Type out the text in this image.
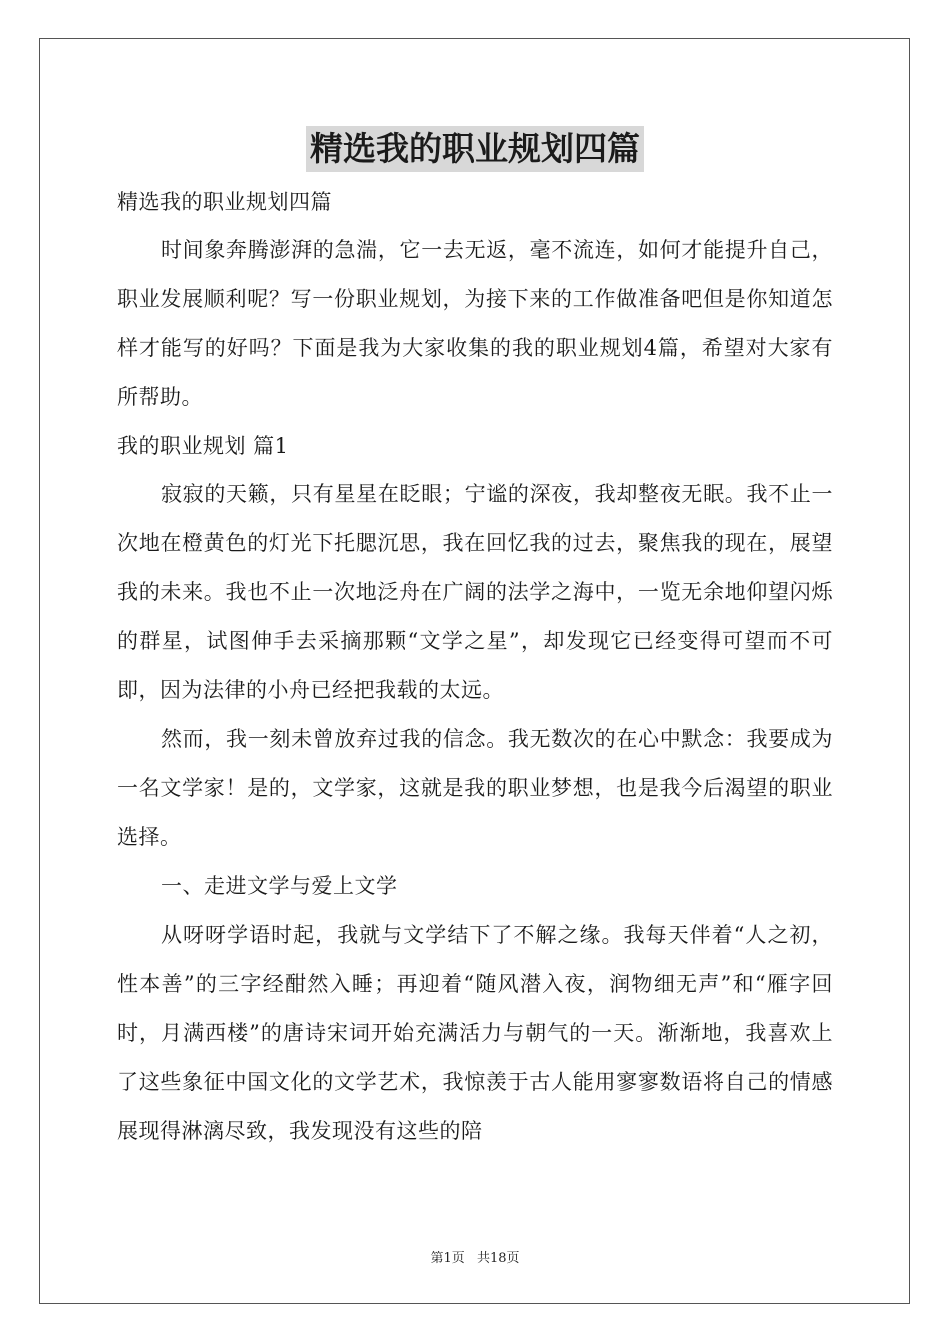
精选我的职业规划四篇

精选我的职业规划四篇

时间象奔腾澎湃的急湍，它一去无返，毫不流连，如何才能提升自己，职业发展顺利呢？写一份职业规划，为接下来的工作做准备吧但是你知道怎样才能写的好吗？下面是我为大家收集的我的职业规划4篇，希望对大家有所帮助。

我的职业规划 篇1

寂寂的天籁，只有星星在眨眼；宁谧的深夜，我却整夜无眠。我不止一次地在橙黄色的灯光下托腮沉思，我在回忆我的过去，聚焦我的现在，展望我的未来。我也不止一次地泛舟在广阔的法学之海中，一览无余地仰望闪烁的群星，试图伸手去采摘那颗“文学之星”，却发现它已经变得可望而不可即，因为法律的小舟已经把我载的太远。

然而，我一刻未曾放弃过我的信念。我无数次的在心中默念：我要成为一名文学家！是的，文学家，这就是我的职业梦想，也是我今后渴望的职业选择。

一、走进文学与爱上文学

从呀呀学语时起，我就与文学结下了不解之缘。我每天伴着“人之初，性本善”的三字经酣然入睡；再迎着“随风潜入夜，润物细无声”和“雁字回时，月满西楼”的唐诗宋词开始充满活力与朝气的一天。渐渐地，我喜欢上了这些象征中国文化的文学艺术，我惊羡于古人能用寥寥数语将自己的情感展现得淋漓尽致，我发现没有这些的陪

第1页 共18页
